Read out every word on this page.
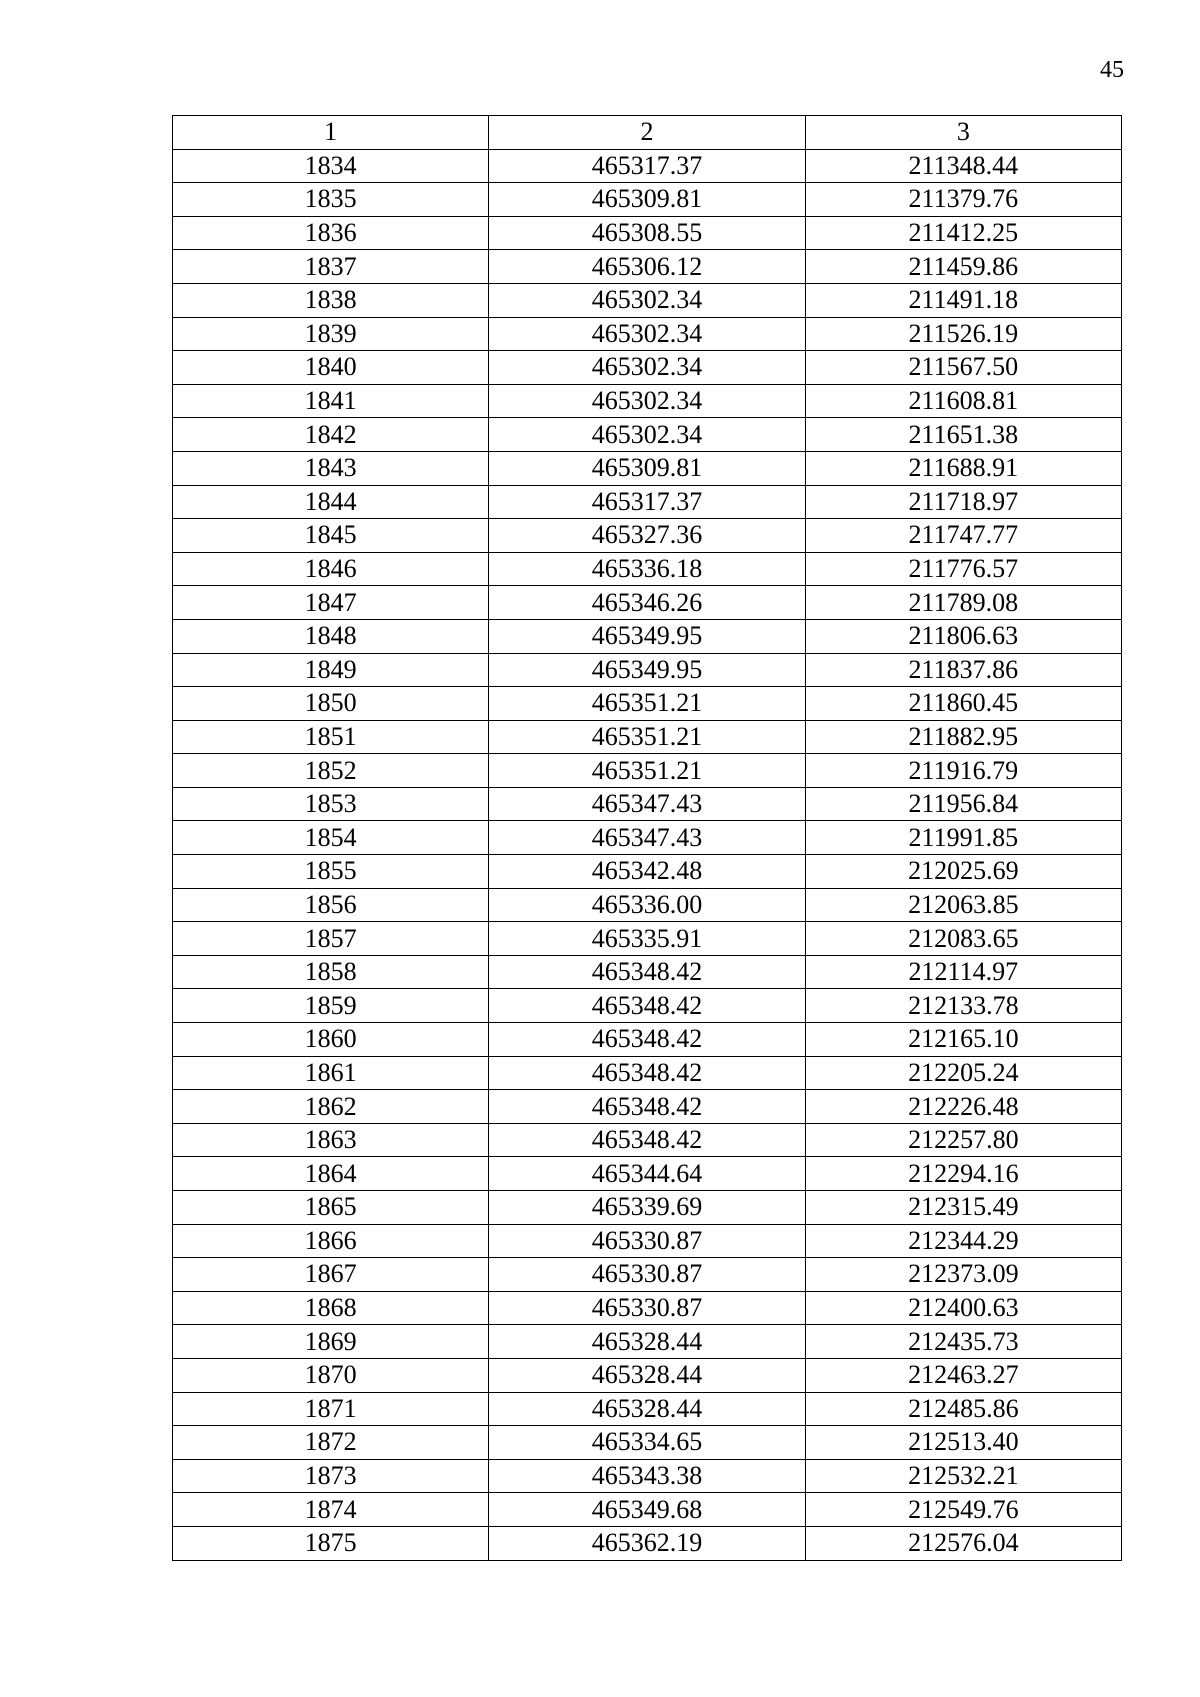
45
1	2	3
1834	465317.37	211348.44
1835	465309.81	211379.76
1836	465308.55	211412.25
1837	465306.12	211459.86
1838	465302.34	211491.18
1839	465302.34	211526.19
1840	465302.34	211567.50
1841	465302.34	211608.81
1842	465302.34	211651.38
1843	465309.81	211688.91
1844	465317.37	211718.97
1845	465327.36	211747.77
1846	465336.18	211776.57
1847	465346.26	211789.08
1848	465349.95	211806.63
1849	465349.95	211837.86
1850	465351.21	211860.45
1851	465351.21	211882.95
1852	465351.21	211916.79
1853	465347.43	211956.84
1854	465347.43	211991.85
1855	465342.48	212025.69
1856	465336.00	212063.85
1857	465335.91	212083.65
1858	465348.42	212114.97
1859	465348.42	212133.78
1860	465348.42	212165.10
1861	465348.42	212205.24
1862	465348.42	212226.48
1863	465348.42	212257.80
1864	465344.64	212294.16
1865	465339.69	212315.49
1866	465330.87	212344.29
1867	465330.87	212373.09
1868	465330.87	212400.63
1869	465328.44	212435.73
1870	465328.44	212463.27
1871	465328.44	212485.86
1872	465334.65	212513.40
1873	465343.38	212532.21
1874	465349.68	212549.76
1875	465362.19	212576.04
